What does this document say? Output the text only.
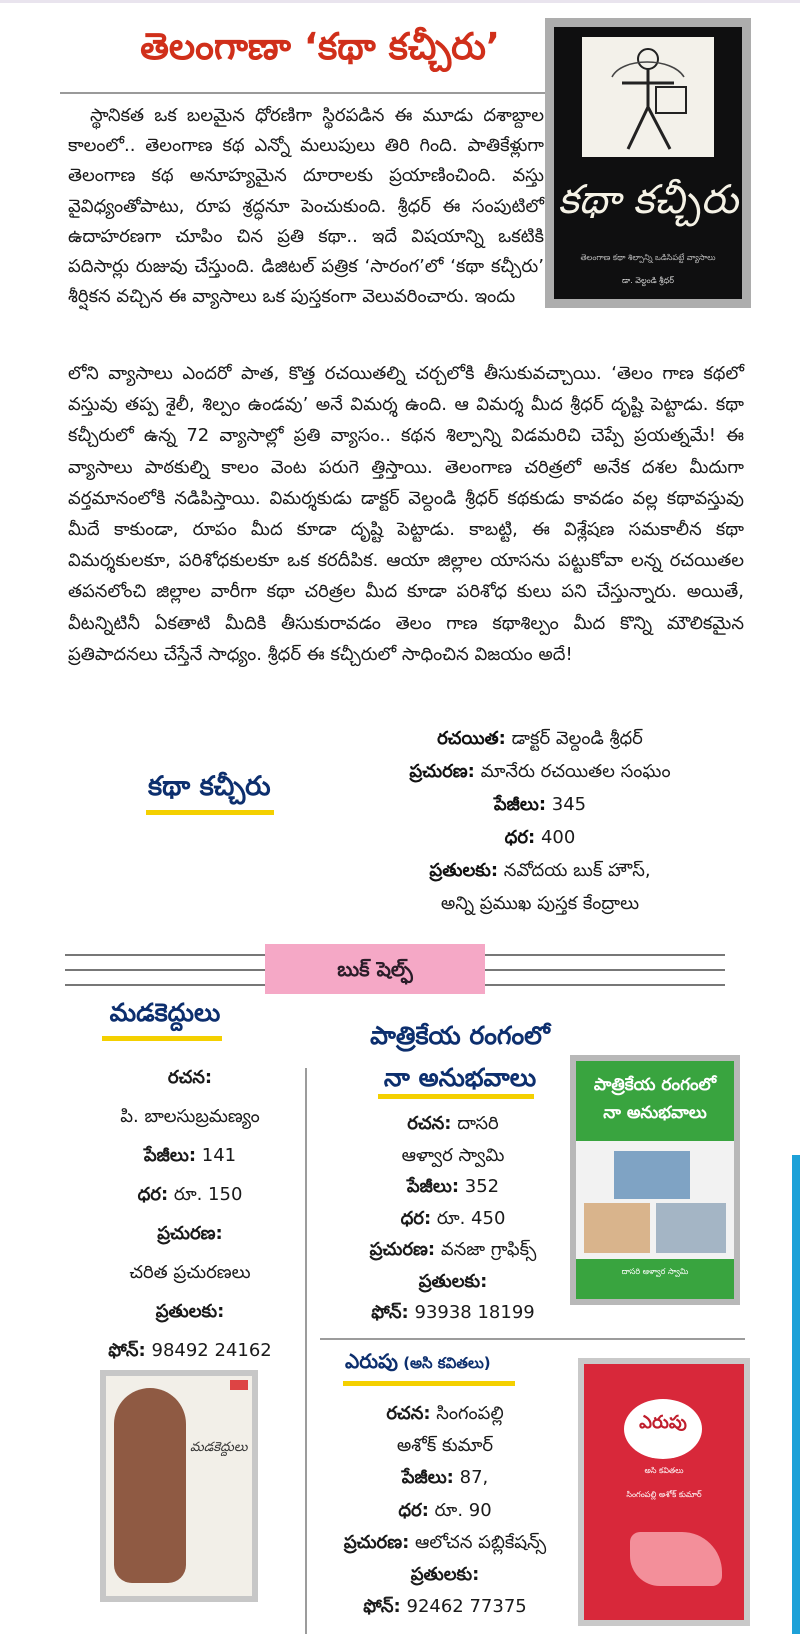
తెలంగాణా ‘కథా కచ్చీరు’
కథా కచ్చీరు
తెలంగాణ కథా శిల్పాన్ని ఒడిసిపట్టే వ్యాసాలు
డా. వెల్దండి శ్రీధర్
స్థానికత ఒక బలమైన ధోరణిగా స్థిరపడిన ఈ మూడు దశాబ్దాల కాలంలో.. తెలంగాణ కథ ఎన్నో మలుపులు తిరి గింది. పాతికేళ్లుగా తెలంగాణ కథ అనూహ్యమైన దూరాలకు ప్రయాణించింది. వస్తు వైవిధ్యంతోపాటు, రూప శ్రద్ధనూ పెంచుకుంది. శ్రీధర్ ఈ సంపుటిలో ఉదాహరణగా చూపిం చిన ప్రతి కథా.. ఇదే విషయాన్ని ఒకటికి పదిసార్లు రుజువు చేస్తుంది. డిజిటల్ పత్రిక ‘సారంగ’లో ‘కథా కచ్చీరు’ శీర్షికన వచ్చిన ఈ వ్యాసాలు ఒక పుస్తకంగా వెలువరించారు. ఇందు
లోని వ్యాసాలు ఎందరో పాత, కొత్త రచయితల్ని చర్చలోకి తీసుకువచ్చాయి. ‘తెలం గాణ కథలో వస్తువు తప్ప శైలీ, శిల్పం ఉండవు’ అనే విమర్శ ఉంది. ఆ విమర్శ మీద శ్రీధర్ దృష్టి పెట్టాడు. కథా కచ్చీరులో ఉన్న 72 వ్యాసాల్లో ప్రతి వ్యాసం.. కథన శిల్పాన్ని విడమరిచి చెప్పే ప్రయత్నమే! ఈ వ్యాసాలు పాఠకుల్ని కాలం వెంట పరుగె త్తిస్తాయి. తెలంగాణ చరిత్రలో అనేక దశల మీదుగా వర్తమానంలోకి నడిపిస్తాయి. విమర్శకుడు డాక్టర్ వెల్దండి శ్రీధర్ కథకుడు కావడం వల్ల కథావస్తువు మీదే కాకుండా, రూపం మీద కూడా దృష్టి పెట్టాడు. కాబట్టి, ఈ విశ్లేషణ సమకాలీన కథా విమర్శకులకూ, పరిశోధకులకూ ఒక కరదీపిక. ఆయా జిల్లాల యాసను పట్టుకోవా లన్న రచయితల తపనలోంచి జిల్లాల వారీగా కథా చరిత్రల మీద కూడా పరిశోధ కులు పని చేస్తున్నారు. అయితే, వీటన్నిటినీ ఏకతాటి మీదికి తీసుకురావడం తెలం గాణ కథాశిల్పం మీద కొన్ని మౌలికమైన ప్రతిపాదనలు చేస్తేనే సాధ్యం. శ్రీధర్ ఈ కచ్చీరులో సాధించిన విజయం అదే!
కథా కచ్చీరు
రచయిత: డాక్టర్ వెల్దండి శ్రీధర్
ప్రచురణ: మానేరు రచయితల సంఘం
పేజీలు: 345
ధర: 400
ప్రతులకు: నవోదయ బుక్ హౌస్,
అన్ని ప్రముఖ పుస్తక కేంద్రాలు
బుక్ షెల్ఫ్
మడకెద్దులు
రచన:
పి. బాలసుబ్రమణ్యం
పేజీలు: 141
ధర: రూ. 150
ప్రచురణ:
చరిత ప్రచురణలు
ప్రతులకు:
ఫోన్: 98492 24162
మడకెద్దులు
పాత్రికేయ రంగంలో
నా అనుభవాలు
రచన: దాసరి
ఆళ్వార స్వామి
పేజీలు: 352
ధర: రూ. 450
ప్రచురణ: వనజా గ్రాఫిక్స్
ప్రతులకు:
ఫోన్: 93938 18199
పాత్రికేయ రంగంలో
నా అనుభవాలు
దాసరి ఆళ్వార స్వామి
ఎరుపు (అసి కవితలు)
రచన: సింగంపల్లి
అశోక్ కుమార్
పేజీలు: 87,
ధర: రూ. 90
ప్రచురణ: ఆలోచన పబ్లికేషన్స్
ప్రతులకు:
ఫోన్: 92462 77375
ఎరుపు
అసి కవితలు
సింగంపల్లి అశోక్ కుమార్
